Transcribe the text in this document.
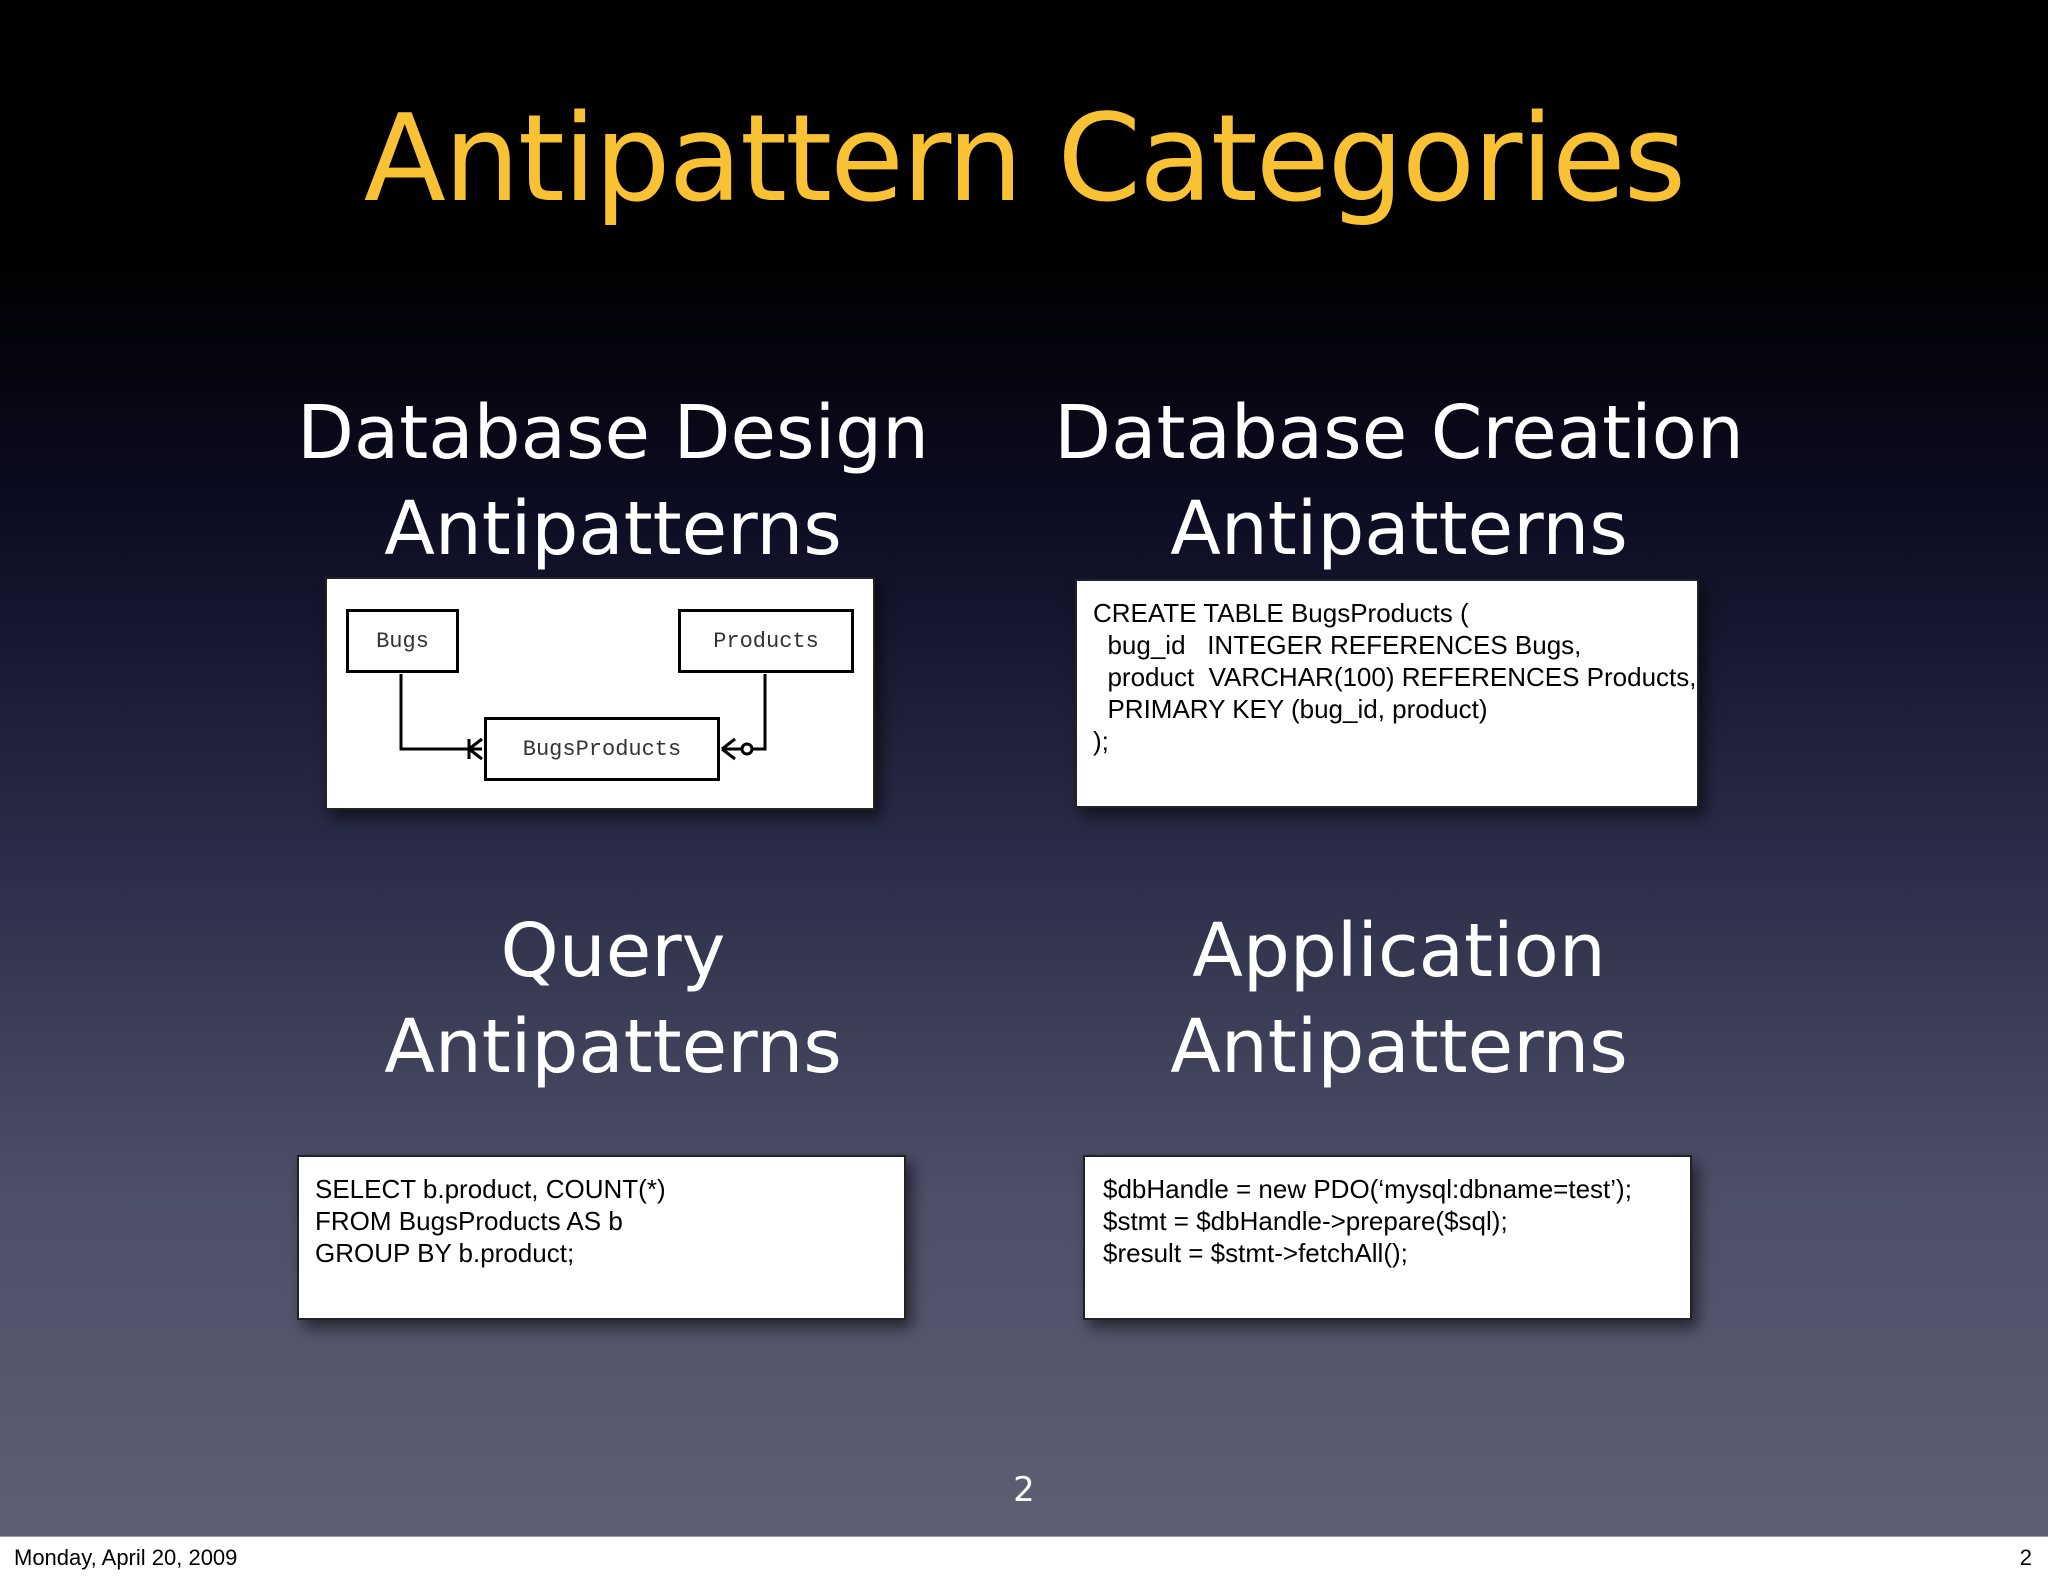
Antipattern Categories
Database Design
Antipatterns
Bugs	Products
BugsProducts
Database Creation
Antipatterns
CREATE TABLE BugsProducts (
bug_id   INTEGER REFERENCES Bugs,
product  VARCHAR(100) REFERENCES Products,
PRIMARY KEY (bug_id, product)
);
Query
Antipatterns
SELECT b.product, COUNT(*)
FROM BugsProducts AS b
GROUP BY b.product;
Application
Antipatterns
$dbHandle = new PDO(‘mysql:dbname=test’);
$stmt = $dbHandle->prepare($sql);
$result = $stmt->fetchAll();
2
Monday, April 20, 2009	2
